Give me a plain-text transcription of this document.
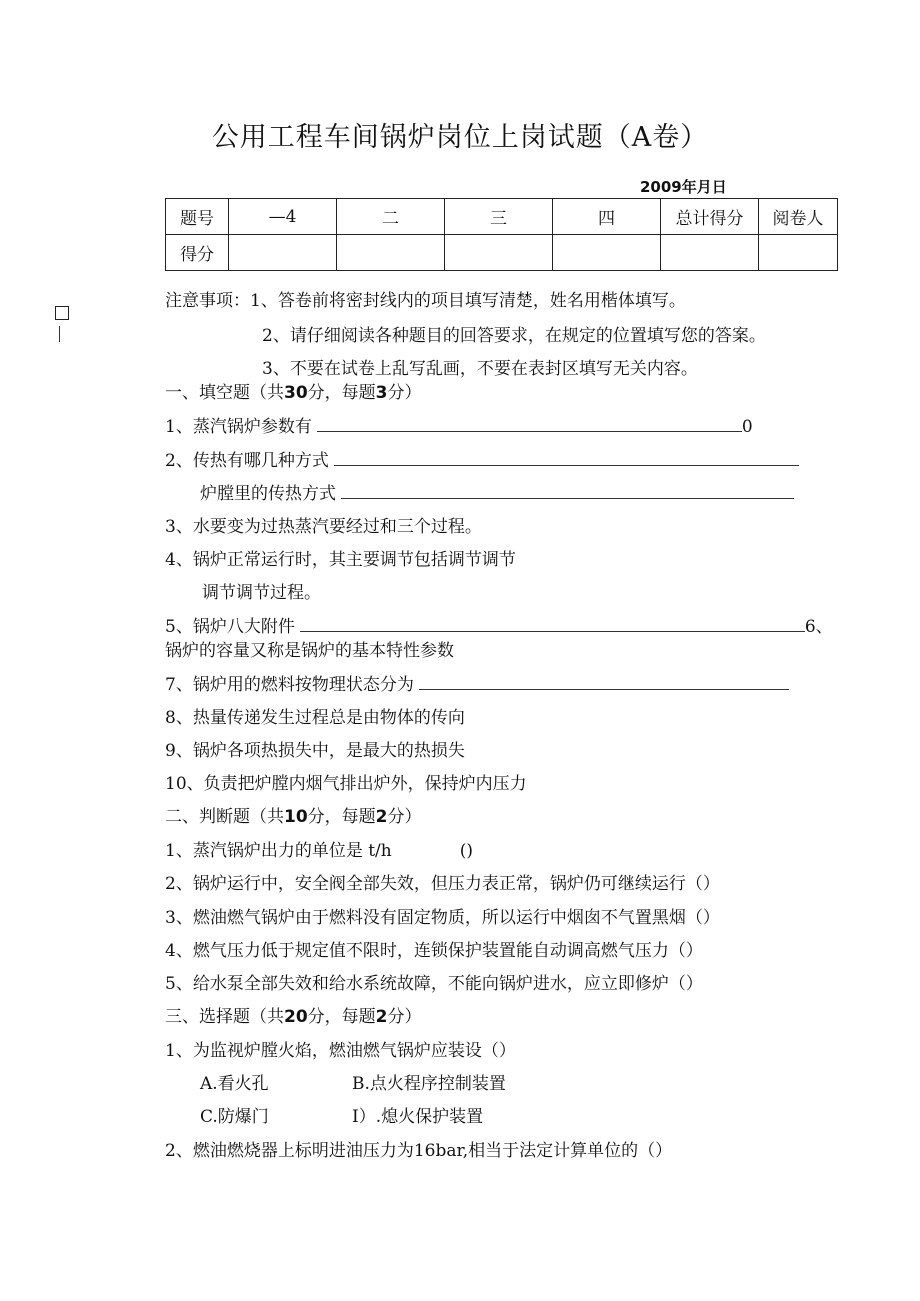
公用工程车间锅炉岗位上岗试题（A卷）
2009年月日
题号	—4	二	三	四	总计得分	阅卷人
得分						
注意事项：1、答卷前将密封线内的项目填写清楚，姓名用楷体填写。
2、请仔细阅读各种题目的回答要求，在规定的位置填写您的答案。
3、不要在试卷上乱写乱画，不要在表封区填写无关内容。
一、填空题（共30分，每题3分）
1、蒸汽锅炉参数有	0
2、传热有哪几种方式
炉膛里的传热方式
3、水要变为过热蒸汽要经过和三个过程。
4、锅炉正常运行时，其主要调节包括调节调节
调节调节过程。
5、锅炉八大附件	6、
锅炉的容量又称是锅炉的基本特性参数
7、锅炉用的燃料按物理状态分为
8、热量传递发生过程总是由物体的传向
9、锅炉各项热损失中，是最大的热损失
10、负责把炉膛内烟气排出炉外，保持炉内压力
二、判断题（共10分，每题2分）
1、蒸汽锅炉出力的单位是 t/h	()
2、锅炉运行中，安全阀全部失效，但压力表正常，锅炉仍可继续运行（）
3、燃油燃气锅炉由于燃料没有固定物质，所以运行中烟囱不气置黑烟（）
4、燃气压力低于规定值不限时，连锁保护装置能自动调高燃气压力（）
5、给水泵全部失效和给水系统故障，不能向锅炉进水，应立即修炉（）
三、选择题（共20分，每题2分）
1、为监视炉膛火焰，燃油燃气锅炉应装设（）
A.看火孔	B.点火程序控制装置
C.防爆门	I）.熄火保护装置
2、燃油燃烧器上标明进油压力为16bar,相当于法定计算单位的（）
